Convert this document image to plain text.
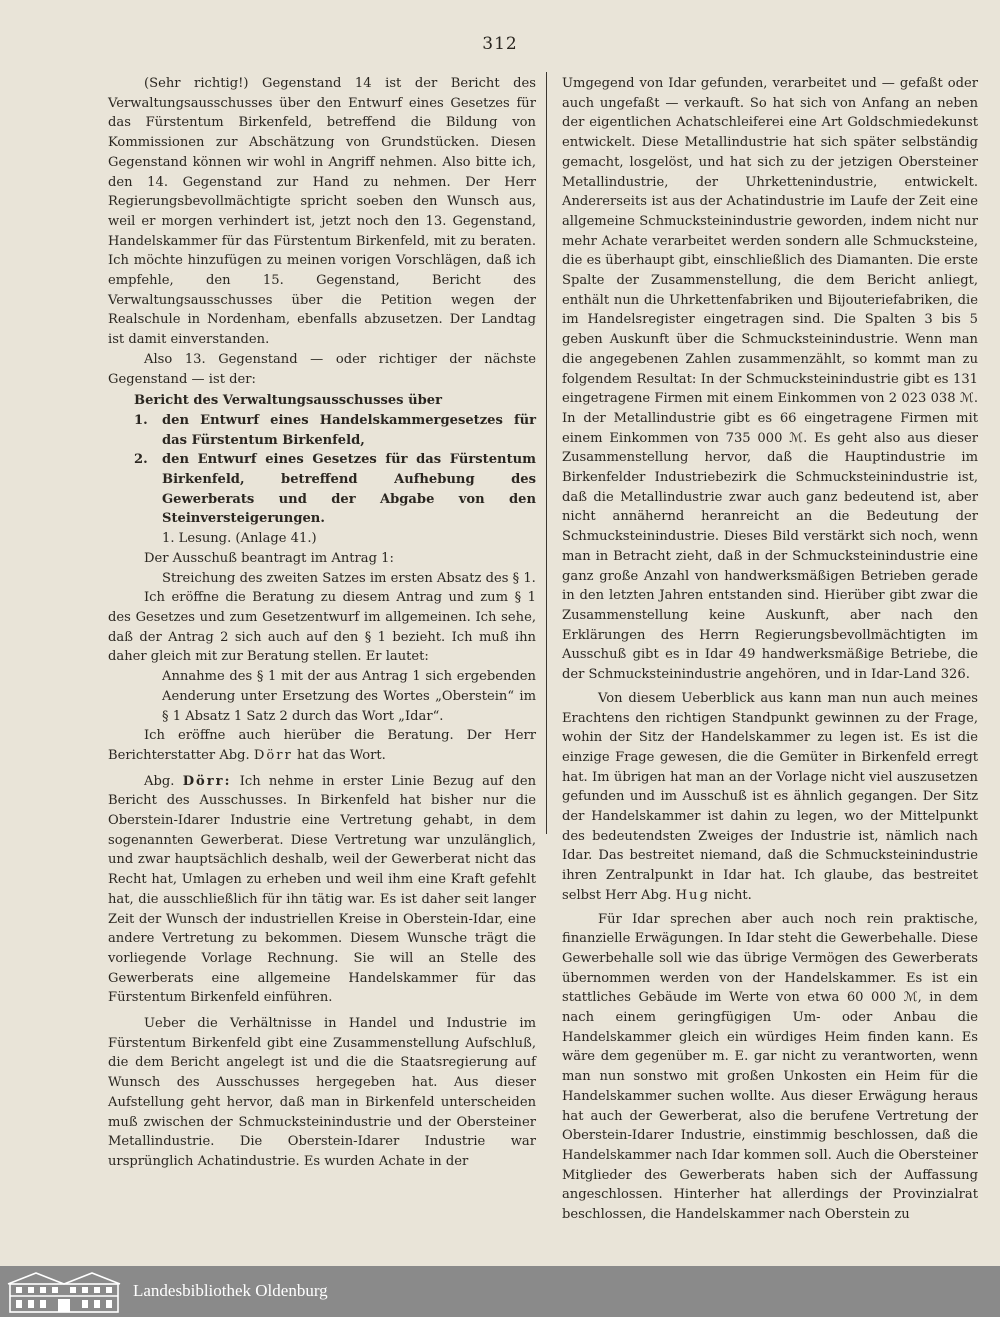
312

(Sehr richtig!) Gegenstand 14 ist der Bericht des Verwaltungsausschusses über den Entwurf eines Gesetzes für das Fürstentum Birkenfeld, betreffend die Bildung von Kommissionen zur Abschätzung von Grundstücken. Diesen Gegenstand können wir wohl in Angriff nehmen. Also bitte ich, den 14. Gegenstand zur Hand zu nehmen. Der Herr Regierungsbevollmächtigte spricht soeben den Wunsch aus, weil er morgen verhindert ist, jetzt noch den 13. Gegenstand, Handelskammer für das Fürstentum Birkenfeld, mit zu beraten. Ich möchte hinzufügen zu meinen vorigen Vorschlägen, daß ich empfehle, den 15. Gegenstand, Bericht des Verwaltungsausschusses über die Petition wegen der Realschule in Nordenham, ebenfalls abzusetzen. Der Landtag ist damit einverstanden.

Also 13. Gegenstand — oder richtiger der nächste Gegenstand — ist der:

Bericht des Verwaltungsausschusses über
1.	den Entwurf eines Handelskammergesetzes für das Fürstentum Birkenfeld,
2.	den Entwurf eines Gesetzes für das Fürstentum Birkenfeld, betreffend Aufhebung des Gewerberats und der Abgabe von den Steinversteigerungen.
1. Lesung. (Anlage 41.)

Der Ausschuß beantragt im Antrag 1:

Streichung des zweiten Satzes im ersten Absatz des § 1.

Ich eröffne die Beratung zu diesem Antrag und zum § 1 des Gesetzes und zum Gesetzentwurf im allgemeinen. Ich sehe, daß der Antrag 2 sich auch auf den § 1 bezieht. Ich muß ihn daher gleich mit zur Beratung stellen. Er lautet:

Annahme des § 1 mit der aus Antrag 1 sich ergebenden Aenderung unter Ersetzung des Wortes „Oberstein“ im § 1 Absatz 1 Satz 2 durch das Wort „Idar“.

Ich eröffne auch hierüber die Beratung. Der Herr Berichterstatter Abg. Dörr hat das Wort.

Abg. Dörr: Ich nehme in erster Linie Bezug auf den Bericht des Ausschusses. In Birkenfeld hat bisher nur die Oberstein-Idarer Industrie eine Vertretung gehabt, in dem sogenannten Gewerberat. Diese Vertretung war unzulänglich, und zwar hauptsächlich deshalb, weil der Gewerberat nicht das Recht hat, Umlagen zu erheben und weil ihm eine Kraft gefehlt hat, die ausschließlich für ihn tätig war. Es ist daher seit langer Zeit der Wunsch der industriellen Kreise in Oberstein-Idar, eine andere Vertretung zu bekommen. Diesem Wunsche trägt die vorliegende Vorlage Rechnung. Sie will an Stelle des Gewerberats eine allgemeine Handelskammer für das Fürstentum Birkenfeld einführen.

Ueber die Verhältnisse in Handel und Industrie im Fürstentum Birkenfeld gibt eine Zusammenstellung Aufschluß, die dem Bericht angelegt ist und die die Staatsregierung auf Wunsch des Ausschusses hergegeben hat. Aus dieser Aufstellung geht hervor, daß man in Birkenfeld unterscheiden muß zwischen der Schmucksteinindustrie und der Obersteiner Metallindustrie. Die Oberstein-Idarer Industrie war ursprünglich Achatindustrie. Es wurden Achate in der

Umgegend von Idar gefunden, verarbeitet und — gefaßt oder auch ungefaßt — verkauft. So hat sich von Anfang an neben der eigentlichen Achatschleiferei eine Art Goldschmiedekunst entwickelt. Diese Metallindustrie hat sich später selbständig gemacht, losgelöst, und hat sich zu der jetzigen Obersteiner Metallindustrie, der Uhrkettenindustrie, entwickelt. Andererseits ist aus der Achatindustrie im Laufe der Zeit eine allgemeine Schmucksteinindustrie geworden, indem nicht nur mehr Achate verarbeitet werden sondern alle Schmucksteine, die es überhaupt gibt, einschließlich des Diamanten. Die erste Spalte der Zusammenstellung, die dem Bericht anliegt, enthält nun die Uhrkettenfabriken und Bijouteriefabriken, die im Handelsregister eingetragen sind. Die Spalten 3 bis 5 geben Auskunft über die Schmucksteinindustrie. Wenn man die angegebenen Zahlen zusammenzählt, so kommt man zu folgendem Resultat: In der Schmucksteinindustrie gibt es 131 eingetragene Firmen mit einem Einkommen von 2 023 038 ℳ. In der Metallindustrie gibt es 66 eingetragene Firmen mit einem Einkommen von 735 000 ℳ. Es geht also aus dieser Zusammenstellung hervor, daß die Hauptindustrie im Birkenfelder Industriebezirk die Schmucksteinindustrie ist, daß die Metallindustrie zwar auch ganz bedeutend ist, aber nicht annähernd heranreicht an die Bedeutung der Schmucksteinindustrie. Dieses Bild verstärkt sich noch, wenn man in Betracht zieht, daß in der Schmucksteinindustrie eine ganz große Anzahl von handwerksmäßigen Betrieben gerade in den letzten Jahren entstanden sind. Hierüber gibt zwar die Zusammenstellung keine Auskunft, aber nach den Erklärungen des Herrn Regierungsbevollmächtigten im Ausschuß gibt es in Idar 49 handwerksmäßige Betriebe, die der Schmucksteinindustrie angehören, und in Idar-Land 326.

Von diesem Ueberblick aus kann man nun auch meines Erachtens den richtigen Standpunkt gewinnen zu der Frage, wohin der Sitz der Handelskammer zu legen ist. Es ist die einzige Frage gewesen, die die Gemüter in Birkenfeld erregt hat. Im übrigen hat man an der Vorlage nicht viel auszusetzen gefunden und im Ausschuß ist es ähnlich gegangen. Der Sitz der Handelskammer ist dahin zu legen, wo der Mittelpunkt des bedeutendsten Zweiges der Industrie ist, nämlich nach Idar. Das bestreitet niemand, daß die Schmucksteinindustrie ihren Zentralpunkt in Idar hat. Ich glaube, das bestreitet selbst Herr Abg. Hug nicht.

Für Idar sprechen aber auch noch rein praktische, finanzielle Erwägungen. In Idar steht die Gewerbehalle. Diese Gewerbehalle soll wie das übrige Vermögen des Gewerberats übernommen werden von der Handelskammer. Es ist ein stattliches Gebäude im Werte von etwa 60 000 ℳ, in dem nach einem geringfügigen Um- oder Anbau die Handelskammer gleich ein würdiges Heim finden kann. Es wäre dem gegenüber m. E. gar nicht zu verantworten, wenn man nun sonstwo mit großen Unkosten ein Heim für die Handelskammer suchen wollte. Aus dieser Erwägung heraus hat auch der Gewerberat, also die berufene Vertretung der Oberstein-Idarer Industrie, einstimmig beschlossen, daß die Handelskammer nach Idar kommen soll. Auch die Obersteiner Mitglieder des Gewerberats haben sich der Auffassung angeschlossen. Hinterher hat allerdings der Provinzialrat beschlossen, die Handelskammer nach Oberstein zu

Landesbibliothek Oldenburg
